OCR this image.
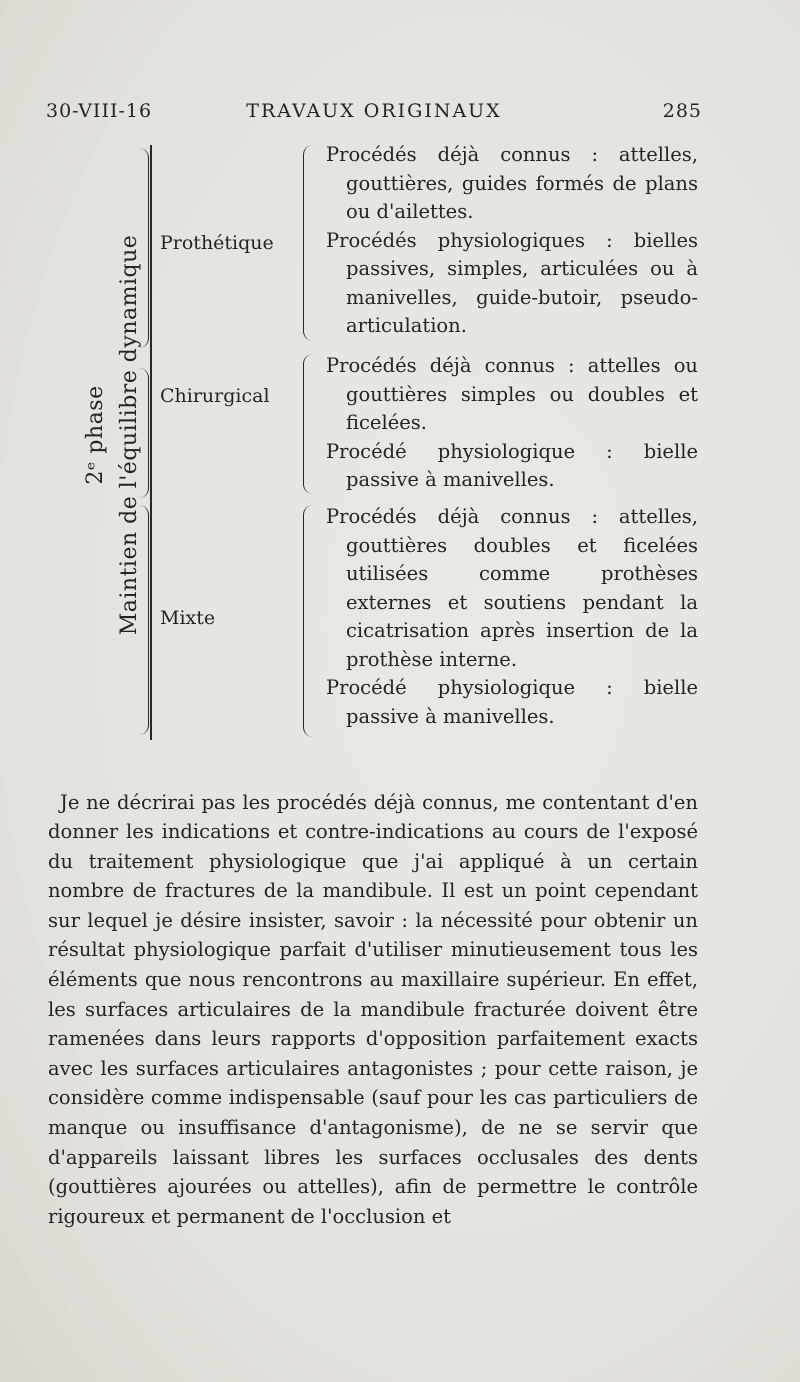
30-VIII-16	TRAVAUX ORIGINAUX	285
2ᵉ phase Maintien de l'équilibre dynamique Prothétique
Chirurgical
Mixte

Procédés déjà connus : attelles, gouttières, guides formés de plans ou d'ailettes.

Procédés physiologiques : bielles passives, simples, articulées ou à manivelles, guide-butoir, pseudo-articulation.

Procédés déjà connus : attelles ou gouttières simples ou doubles et ficelées.

Procédé physiologique : bielle passive à manivelles.

Procédés déjà connus : attelles, gouttières doubles et ficelées utilisées comme prothèses externes et soutiens pendant la cicatrisation après insertion de la prothèse interne.

Procédé physiologique : bielle passive à manivelles.

Je ne décrirai pas les procédés déjà connus, me contentant d'en donner les indications et contre-indications au cours de l'exposé du traitement physiologique que j'ai appliqué à un certain nombre de fractures de la mandibule. Il est un point cependant sur lequel je désire insister, savoir : la nécessité pour obtenir un résultat physiologique parfait d'utiliser minutieusement tous les éléments que nous rencontrons au maxillaire supérieur. En effet, les surfaces articulaires de la mandibule fracturée doivent être ramenées dans leurs rapports d'opposition parfaitement exacts avec les surfaces articulaires antagonistes ; pour cette raison, je considère comme indispensable (sauf pour les cas particuliers de manque ou insuffisance d'antagonisme), de ne se servir que d'appareils laissant libres les surfaces occlusales des dents (gouttières ajourées ou attelles), afin de permettre le contrôle rigoureux et permanent de l'occlusion et
